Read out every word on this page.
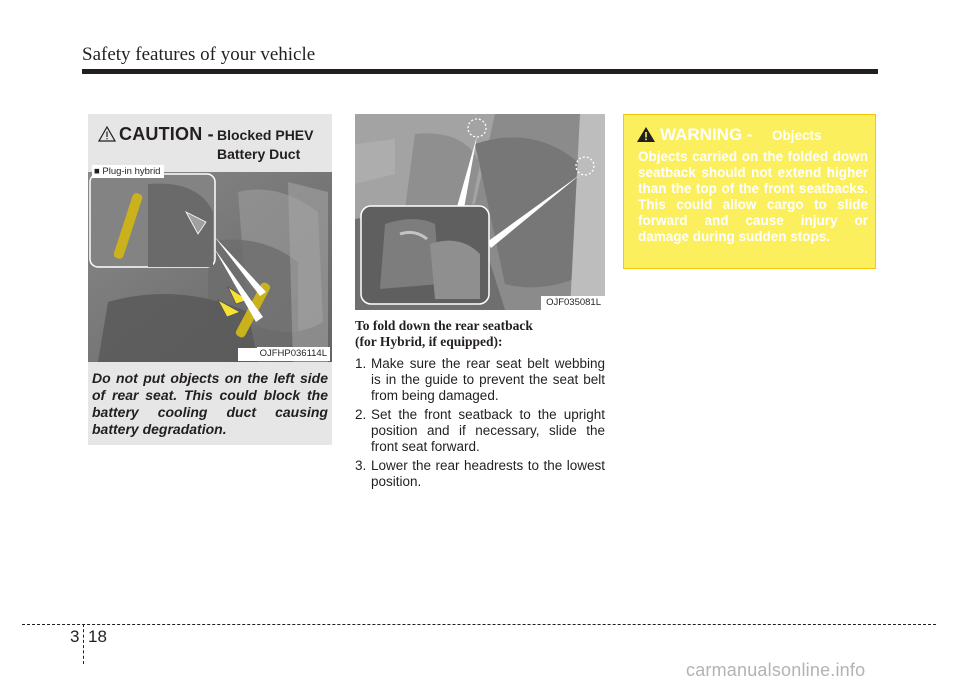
Safety features of your vehicle
CAUTION - Blocked PHEV
Battery Duct
■ Plug-in hybrid
OJFHP036114L
Do not put objects on the left side of rear seat. This could block the battery cooling duct causing battery degradation.
OJF035081L
To fold down the rear seatback
(for Hybrid, if equipped):
1. Make sure the rear seat belt webbing is in the guide to prevent the seat belt from being damaged.
2. Set the front seatback to the upright position and if necessary, slide the front seat forward.
3. Lower the rear headrests to the lowest position.
WARNING - Objects
Objects carried on the folded down seatback should not extend higher than the top of the front seatbacks. This could allow cargo to slide forward and cause injury or damage during sudden stops.
3 18
carmanualsonline.info
